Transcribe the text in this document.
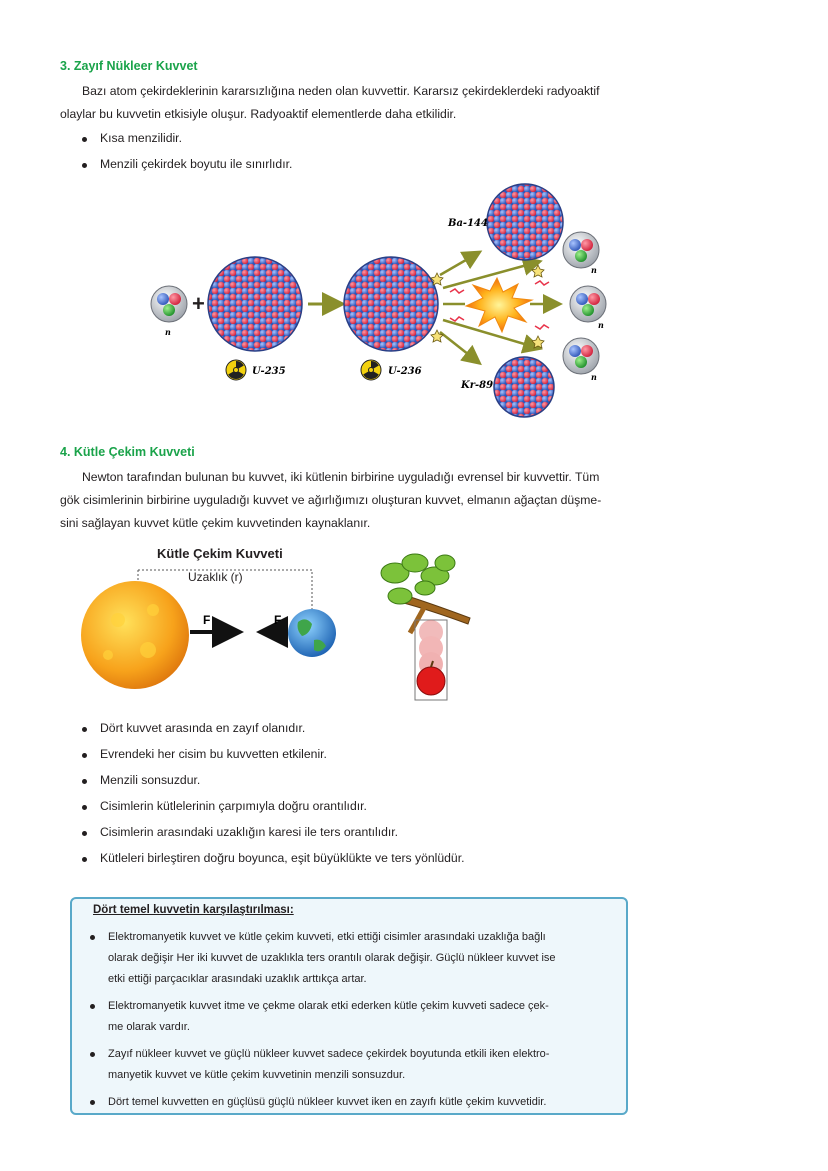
3. Zayıf Nükleer Kuvvet
Bazı atom çekirdeklerinin kararsızlığına neden olan kuvvettir. Kararsız çekirdeklerdeki radyoaktif
olaylar bu kuvvetin etkisiyle oluşur. Radyoaktif elementlerde daha etkilidir.
Kısa menzilidir.
Menzili çekirdek boyutu ile sınırlıdır.
n
+
U-235	U-236
Ba-144
Kr-89
n
n
n
4. Kütle Çekim Kuvveti
Newton tarafından bulunan bu kuvvet, iki kütlenin birbirine uyguladığı evrensel bir kuvvettir. Tüm
gök cisimlerinin birbirine uyguladığı kuvvet ve ağırlığımızı oluşturan kuvvet, elmanın ağaçtan düşme-
sini sağlayan kuvvet kütle çekim kuvvetinden kaynaklanır.
Kütle Çekim Kuvveti
Uzaklık (r)
F	F
Dört kuvvet arasında en zayıf olanıdır.
Evrendeki her cisim bu kuvvetten etkilenir.
Menzili sonsuzdur.
Cisimlerin kütlelerinin çarpımıyla doğru orantılıdır.
Cisimlerin arasındaki uzaklığın karesi ile ters orantılıdır.
Kütleleri birleştiren doğru boyunca, eşit büyüklükte ve ters yönlüdür.
Dört temel kuvvetin karşılaştırılması:
Elektromanyetik kuvvet ve kütle çekim kuvveti, etki ettiği cisimler arasındaki uzaklığa bağlı
olarak değişir Her iki kuvvet de uzaklıkla ters orantılı olarak değişir. Güçlü nükleer kuvvet ise
etki ettiği parçacıklar arasındaki uzaklık arttıkça artar.
Elektromanyetik kuvvet itme ve çekme olarak etki ederken kütle çekim kuvveti sadece çek-
me olarak vardır.
Zayıf nükleer kuvvet ve güçlü nükleer kuvvet sadece çekirdek boyutunda etkili iken elektro-
manyetik kuvvet ve kütle çekim kuvvetinin menzili sonsuzdur.
Dört temel kuvvetten en güçlüsü güçlü nükleer kuvvet iken en zayıfı kütle çekim kuvvetidir.
